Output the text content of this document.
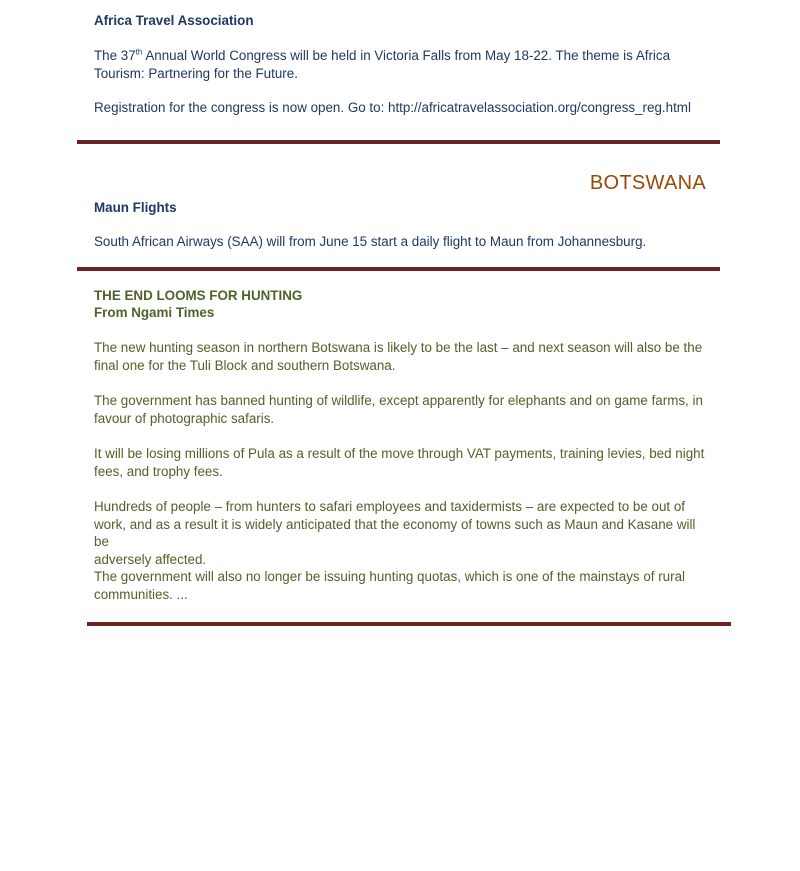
Africa Travel Association
The 37th Annual World Congress will be held in Victoria Falls from May 18-22. The theme is Africa
Tourism: Partnering for the Future.
Registration for the congress is now open. Go to: http://africatravelassociation.org/congress_reg.html
BOTSWANA
Maun Flights
South African Airways (SAA) will from June 15 start a daily flight to Maun from Johannesburg.
THE END LOOMS FOR HUNTING
From Ngami Times
The new hunting season in northern Botswana is likely to be the last – and next season will also be the
final one for the Tuli Block and southern Botswana.
The government has banned hunting of wildlife, except apparently for elephants and on game farms, in
favour of photographic safaris.
It will be losing millions of Pula as a result of the move through VAT payments, training levies, bed night
fees, and trophy fees.
Hundreds of people – from hunters to safari employees and taxidermists – are expected to be out of
work, and as a result it is widely anticipated that the economy of towns such as Maun and Kasane will be
adversely affected.
The government will also no longer be issuing hunting quotas, which is one of the mainstays of rural
communities. ...
